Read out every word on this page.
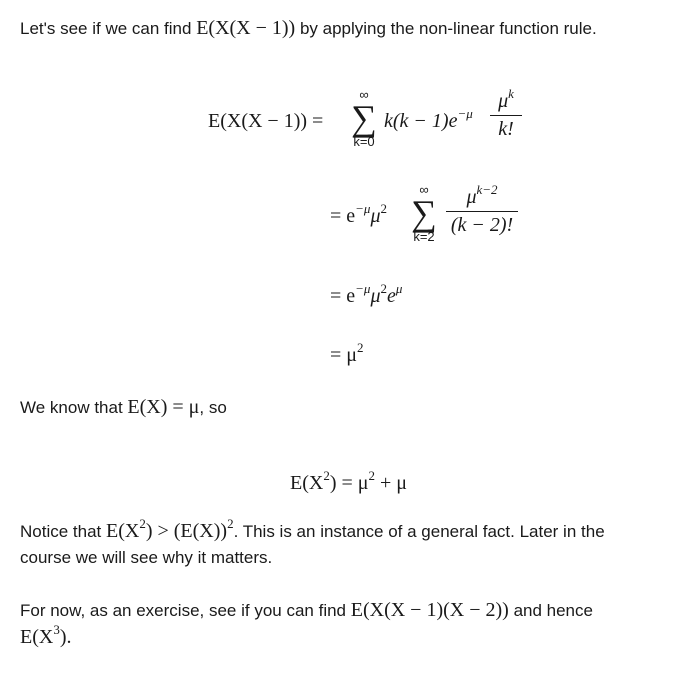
Let's see if we can find E(X(X − 1)) by applying the non-linear function rule.
E(X(X − 1)) =
∞
∑
k=0
$k(k - 1)e^{-\mu}$
$\mu^k$
k!
= $e^{-\mu}\mu^2$
∞
∑
k=2
$\mu^{k-2}$
(k − 2)!
= $e^{-\mu}\mu^2e^\mu$
= $\mu^2$
We know that E(X) = μ, so
$E(X^2) = \mu^2 + \mu$
Notice that $E(X^2) > (E(X))^2$. This is an instance of a general fact. Later in the
course we will see why it matters.
For now, as an exercise, see if you can find E(X(X − 1)(X − 2)) and hence
$E(X^3)$.
